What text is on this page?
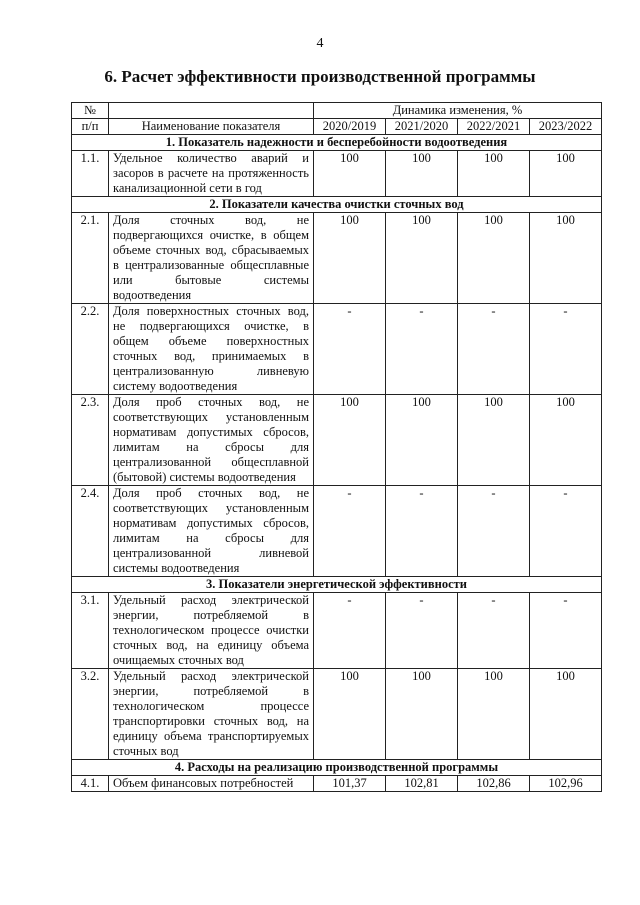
4
6. Расчет эффективности производственной программы
№		Динамика изменения, %			
п/п	Наименование показателя	2020/2019	2021/2020	2022/2021	2023/2022
1. Показатель надежности и бесперебойности водоотведения					
1.1.	Удельное количество аварий и засоров в расчете на протяженность канализационной сети в год	100	100	100	100
2. Показатели качества очистки сточных вод					
2.1.	Доля сточных вод, не подвергающихся очистке, в общем объеме сточных вод, сбрасываемых в централизованные общесплавные или бытовые системы водоотведения	100	100	100	100
2.2.	Доля поверхностных сточных вод, не подвергающихся очистке, в общем объеме поверхностных сточных вод, принимаемых в централизованную ливневую систему водоотведения	-	-	-	-
2.3.	Доля проб сточных вод, не соответствующих установленным нормативам допустимых сбросов, лимитам на сбросы для централизованной общесплавной (бытовой) системы водоотведения	100	100	100	100
2.4.	Доля проб сточных вод, не соответствующих установленным нормативам допустимых сбросов, лимитам на сбросы для централизованной ливневой системы водоотведения	-	-	-	-
3. Показатели энергетической эффективности					
3.1.	Удельный расход электрической энергии, потребляемой в технологическом процессе очистки сточных вод, на единицу объема очищаемых сточных вод	-	-	-	-
3.2.	Удельный расход электрической энергии, потребляемой в технологическом процессе транспортировки сточных вод, на единицу объема транспортируемых сточных вод	100	100	100	100
4. Расходы на реализацию производственной программы					
4.1.	Объем финансовых потребностей	101,37	102,81	102,86	102,96
